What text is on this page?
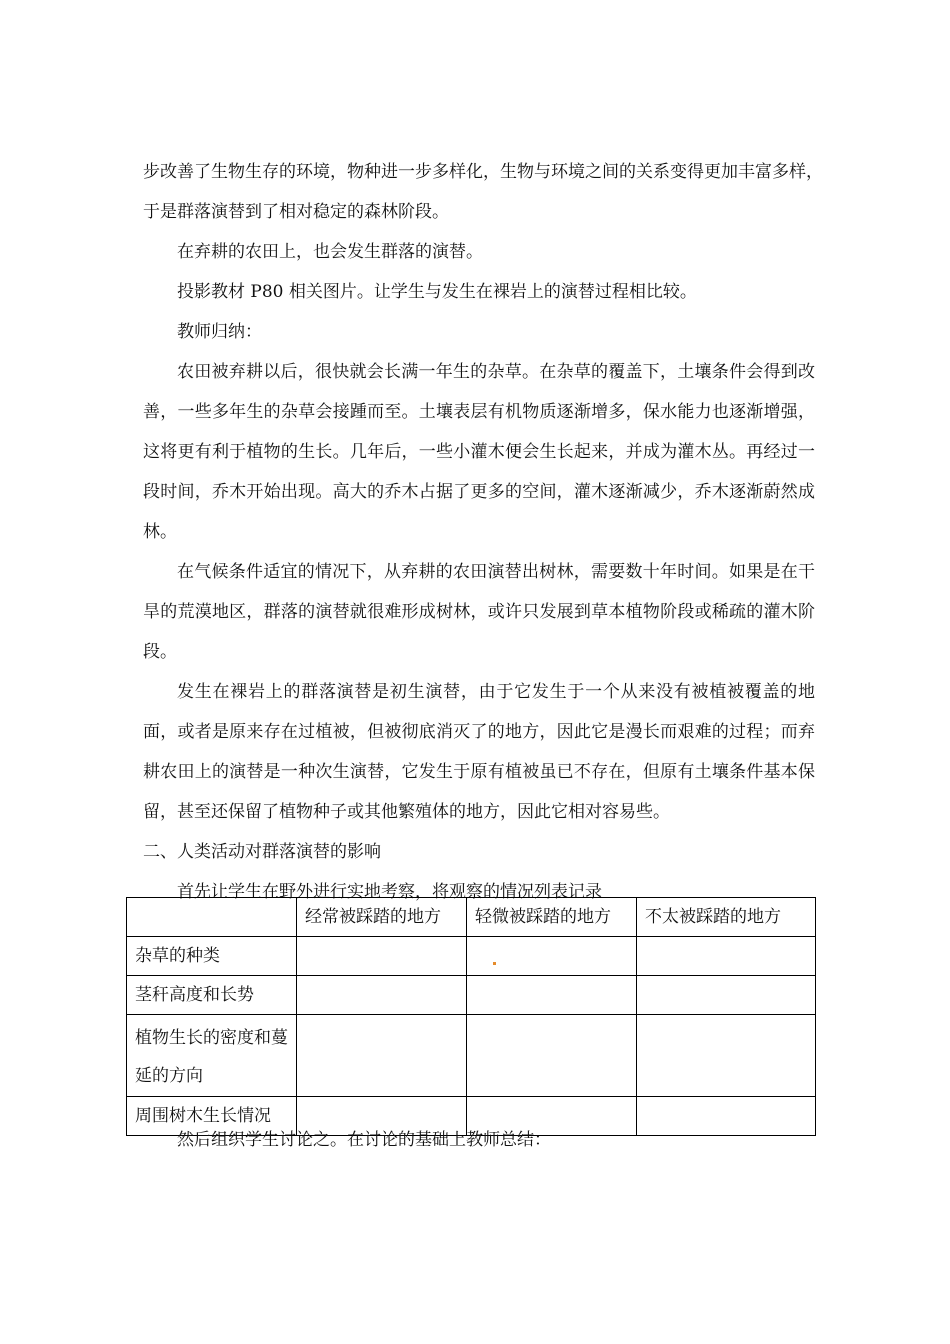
步改善了生物生存的环境，物种进一步多样化，生物与环境之间的关系变得更加丰富多样，

于是群落演替到了相对稳定的森林阶段。

在弃耕的农田上，也会发生群落的演替。

投影教材 P80 相关图片。让学生与发生在裸岩上的演替过程相比较。

教师归纳：

农田被弃耕以后，很快就会长满一年生的杂草。在杂草的覆盖下，土壤条件会得到改善，一些多年生的杂草会接踵而至。土壤表层有机物质逐渐增多，保水能力也逐渐增强，这将更有利于植物的生长。几年后，一些小灌木便会生长起来，并成为灌木丛。再经过一段时间，乔木开始出现。高大的乔木占据了更多的空间，灌木逐渐减少，乔木逐渐蔚然成林。

在气候条件适宜的情况下，从弃耕的农田演替出树林，需要数十年时间。如果是在干旱的荒漠地区，群落的演替就很难形成树林，或许只发展到草本植物阶段或稀疏的灌木阶段。

发生在裸岩上的群落演替是初生演替，由于它发生于一个从来没有被植被覆盖的地面，或者是原来存在过植被，但被彻底消灭了的地方，因此它是漫长而艰难的过程；而弃耕农田上的演替是一种次生演替，它发生于原有植被虽已不存在，但原有土壤条件基本保留，甚至还保留了植物种子或其他繁殖体的地方，因此它相对容易些。

二、人类活动对群落演替的影响

首先让学生在野外进行实地考察，将观察的情况列表记录

	经常被踩踏的地方	轻微被踩踏的地方	不太被踩踏的地方
杂草的种类			
茎秆高度和长势			
植物生长的密度和蔓延的方向			
周围树木生长情况			

然后组织学生讨论之。在讨论的基础上教师总结：
